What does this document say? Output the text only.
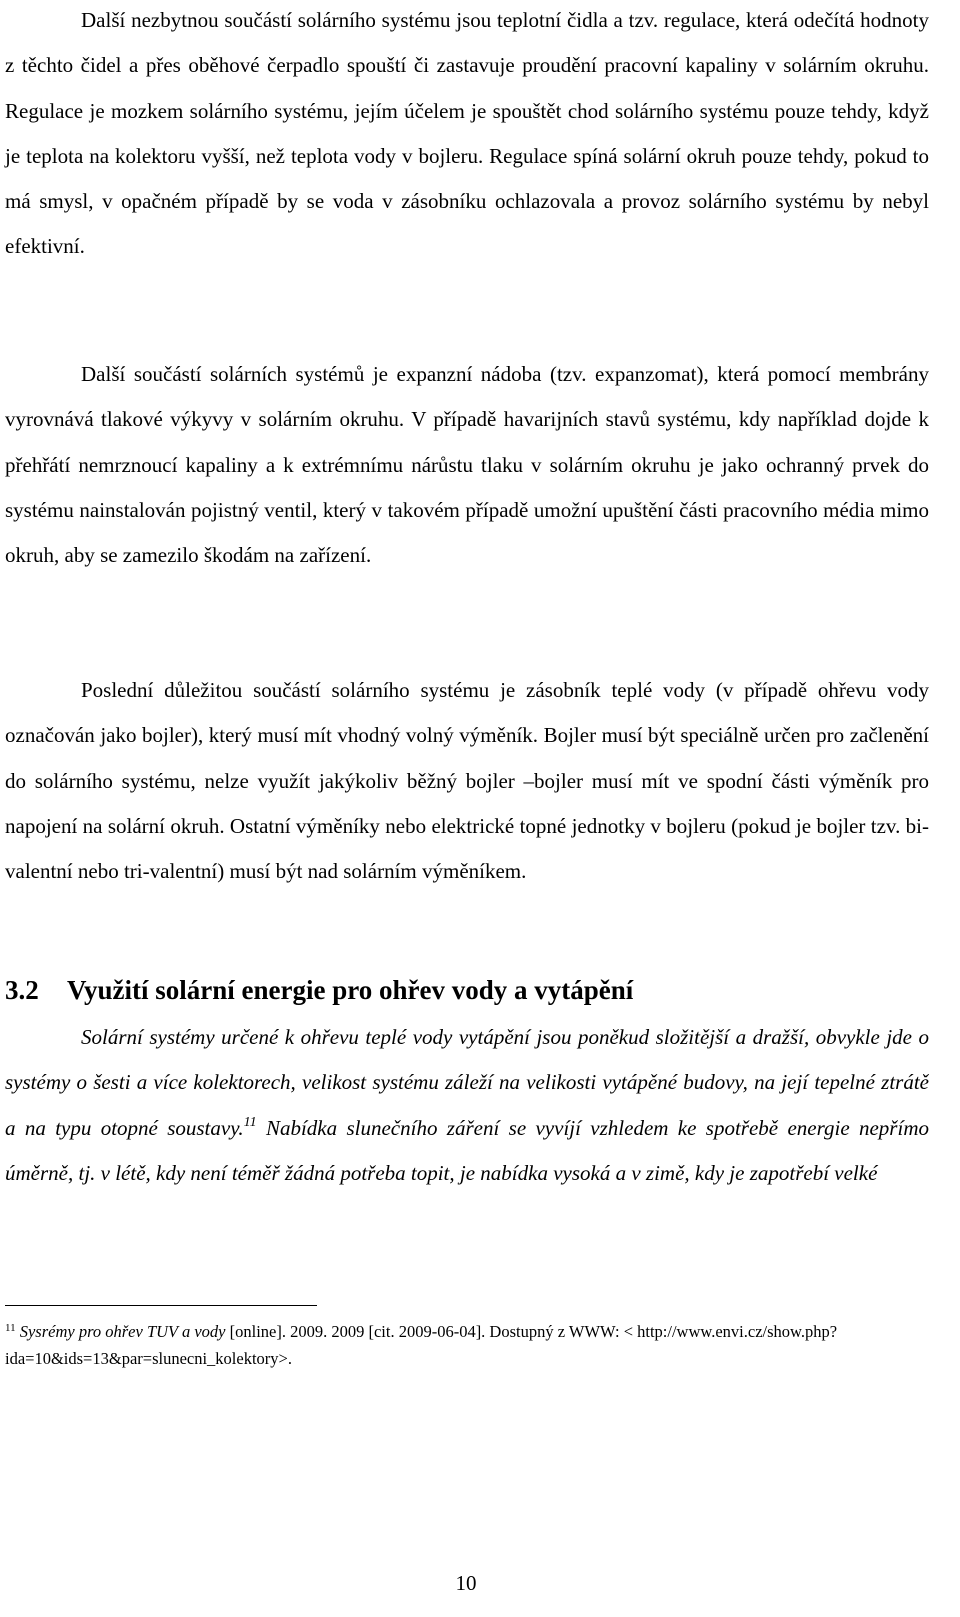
Další nezbytnou součástí solárního systému jsou teplotní čidla a tzv. regulace, která odečítá hodnoty z těchto čidel a přes oběhové čerpadlo spouští či zastavuje proudění pracovní kapaliny v solárním okruhu. Regulace je mozkem solárního systému, jejím účelem je spouštět chod solárního systému pouze tehdy, když je teplota na kolektoru vyšší, než teplota vody v bojleru. Regulace spíná solární okruh pouze tehdy, pokud to má smysl, v opačném případě by se voda v zásobníku ochlazovala a provoz solárního systému by nebyl efektivní.

Další součástí solárních systémů je expanzní nádoba (tzv. expanzomat), která pomocí membrány vyrovnává tlakové výkyvy v solárním okruhu. V případě havarijních stavů systému, kdy například dojde k přehřátí nemrznoucí kapaliny a k extrémnímu nárůstu tlaku v solárním okruhu je jako ochranný prvek do systému nainstalován pojistný ventil, který v takovém případě umožní upuštění části pracovního média mimo okruh, aby se zamezilo škodám na zařízení.

Poslední důležitou součástí solárního systému je zásobník teplé vody (v případě ohřevu vody označován jako bojler), který musí mít vhodný volný výměník. Bojler musí být speciálně určen pro začlenění do solárního systému, nelze využít jakýkoliv běžný bojler –bojler musí mít ve spodní části výměník pro napojení na solární okruh. Ostatní výměníky nebo elektrické topné jednotky v bojleru (pokud je bojler tzv. bi-valentní nebo tri-valentní) musí být nad solárním výměníkem.

3.2 Využití solární energie pro ohřev vody a vytápění

Solární systémy určené k ohřevu teplé vody vytápění jsou poněkud složitější a dražší, obvykle jde o systémy o šesti a více kolektorech, velikost systému záleží na velikosti vytápěné budovy, na její tepelné ztrátě a na typu otopné soustavy.$^{11}$ Nabídka slunečního záření se vyvíjí vzhledem ke spotřebě energie nepřímo úměrně, tj. v létě, kdy není téměř žádná potřeba topit, je nabídka vysoká a v zimě, kdy je zapotřebí velké

$^{11}$ Sysrémy pro ohřev TUV a vody [online]. 2009. 2009 [cit. 2009-06-04]. Dostupný z WWW: < http://www.envi.cz/show.php?ida=10&ids=13&par=slunecni_kolektory>.

10
